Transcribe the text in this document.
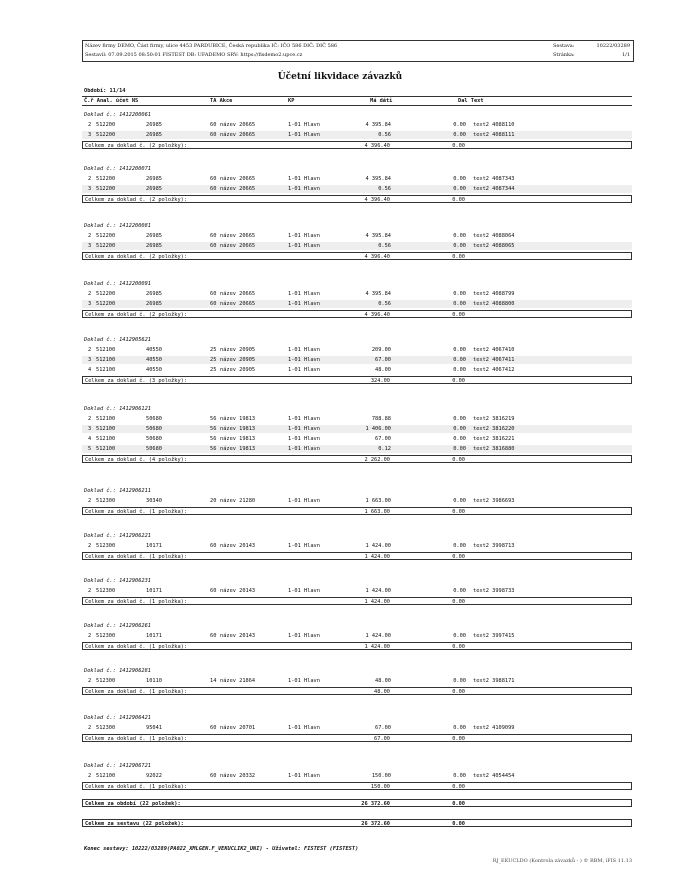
Název firmy DEMO, Část firmy, ulice 4453 PARDUBICE, Česká republika IČ: IČO 586 DIČ: DIČ 586
Sestavil: 07.09.2015 08:50:01 FISTEST DB: UFADEMO SRV: https://fisdemo2.upce.cz
Sestava:	10222/03289
Stránka:	1/1
Účetní likvidace závazků
Období: 11/14
Č.ř Anal. účet NS	TA Akce	KP	Má dáti	Dal Text
Doklad č.: 1412200061
2 512200	26985	60 název 20665	1-01 Hlavn	4 395.84	0.00 text2 4088110
3 512200	26985	60 název 20665	1-01 Hlavn	0.56	0.00 text2 4088111
Celkem za doklad č. (2 položky):	4 396.40	0.00
Doklad č.: 1412200071
2 512200	26985	60 název 20665	1-01 Hlavn	4 395.84	0.00 text2 4087343
3 512200	26985	60 název 20665	1-01 Hlavn	0.56	0.00 text2 4087344
Celkem za doklad č. (2 položky):	4 396.40	0.00
Doklad č.: 1412200081
2 512200	26985	60 název 20665	1-01 Hlavn	4 395.84	0.00 text2 4088064
3 512200	26985	60 název 20665	1-01 Hlavn	0.56	0.00 text2 4088065
Celkem za doklad č. (2 položky):	4 396.40	0.00
Doklad č.: 1412200091
2 512200	26985	60 název 20665	1-01 Hlavn	4 395.84	0.00 text2 4088799
3 512200	26985	60 název 20665	1-01 Hlavn	0.56	0.00 text2 4088800
Celkem za doklad č. (2 položky):	4 396.40	0.00
Doklad č.: 1412905621
2 512100	40550	25 název 20905	1-01 Hlavn	209.00	0.00 text2 4067410
3 512100	40550	25 název 20905	1-01 Hlavn	67.00	0.00 text2 4067411
4 512100	40550	25 název 20905	1-01 Hlavn	48.00	0.00 text2 4067412
Celkem za doklad č. (3 položky):	324.00	0.00
Doklad č.: 1412906121
2 512100	50680	56 název 19813	1-01 Hlavn	788.88	0.00 text2 3816219
3 512100	50680	56 název 19813	1-01 Hlavn	1 406.00	0.00 text2 3816220
4 512100	50680	56 název 19813	1-01 Hlavn	67.00	0.00 text2 3816221
5 512100	50680	56 název 19813	1-01 Hlavn	0.12	0.00 text2 3816880
Celkem za doklad č. (4 položky):	2 262.00	0.00
Doklad č.: 1412906211
2 512300	30340	20 název 21280	1-01 Hlavn	1 663.00	0.00 text2 3986693
Celkem za doklad č. (1 položka):	1 663.00	0.00
Doklad č.: 1412906221
2 512300	10171	60 název 20143	1-01 Hlavn	1 424.00	0.00 text2 3998713
Celkem za doklad č. (1 položka):	1 424.00	0.00
Doklad č.: 1412906231
2 512300	10171	60 název 20143	1-01 Hlavn	1 424.00	0.00 text2 3998733
Celkem za doklad č. (1 položka):	1 424.00	0.00
Doklad č.: 1412906261
2 512300	10171	60 název 20143	1-01 Hlavn	1 424.00	0.00 text2 3997415
Celkem za doklad č. (1 položka):	1 424.00	0.00
Doklad č.: 1412906281
2 512300	10110	14 název 21864	1-01 Hlavn	48.00	0.00 text2 3988171
Celkem za doklad č. (1 položka):	48.00	0.00
Doklad č.: 1412906421
2 512300	95041	60 název 20701	1-01 Hlavn	67.00	0.00 text2 4109099
Celkem za doklad č. (1 položka):	67.00	0.00
Doklad č.: 1412906721
2 512100	92022	60 název 20332	1-01 Hlavn	150.00	0.00 text2 4054454
Celkem za doklad č. (1 položka):	150.00	0.00
Celkem za období (22 položek):	26 372.60	0.00
Celkem za sestavu (22 položek):	26 372.60	0.00
Konec sestavy: 10222/03289(PA022_XMLGEN.F_VEKUCLIK2_UNI) - Uživatel: FISTEST (FISTEST)
RJ_EKUCLDO (Kontrola závazků - ) © BBM, iFIS 11.13
